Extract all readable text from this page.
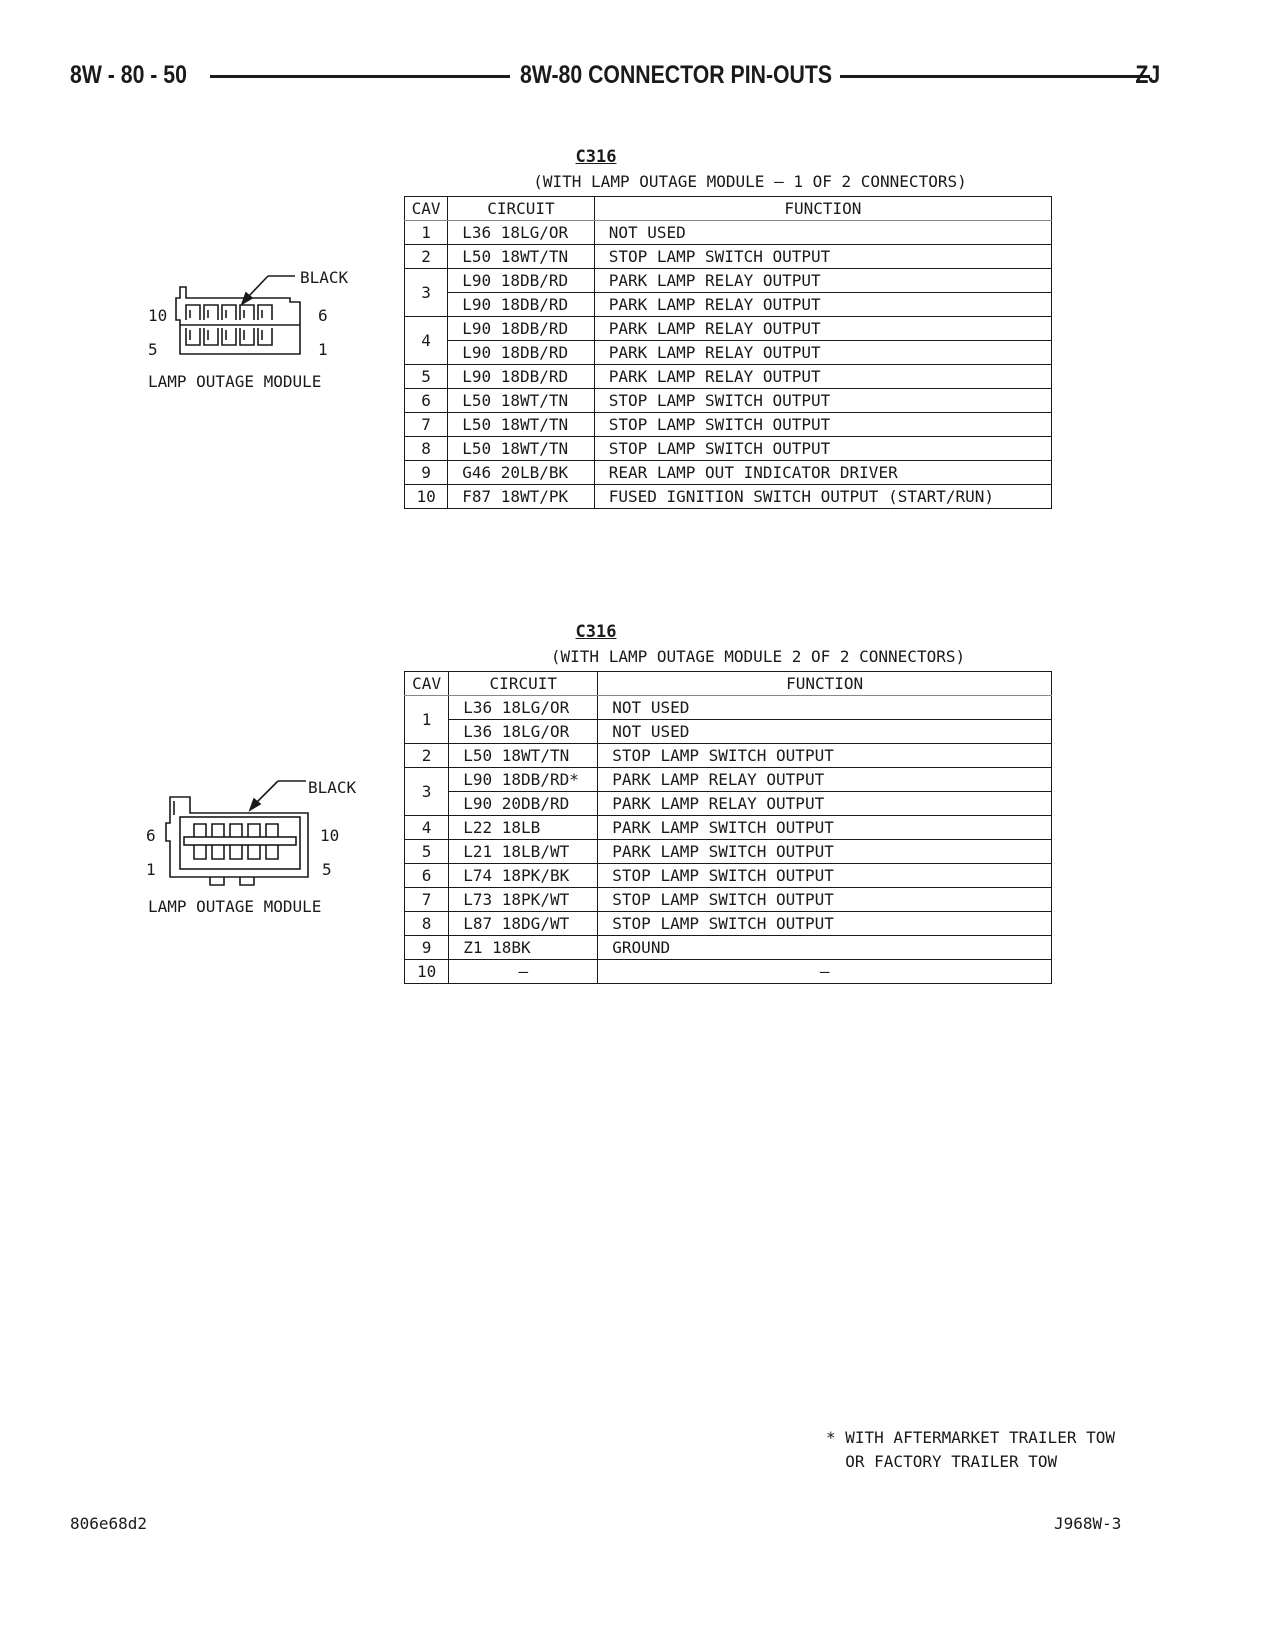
8W - 80 - 50	8W-80 CONNECTOR PIN-OUTS	ZJ
C316
(WITH LAMP OUTAGE MODULE — 1 OF 2 CONNECTORS)
CAV	CIRCUIT	FUNCTION
1	L36 18LG/OR	NOT USED
2	L50 18WT/TN	STOP LAMP SWITCH OUTPUT
3	L90 18DB/RD	PARK LAMP RELAY OUTPUT
	L90 18DB/RD	PARK LAMP RELAY OUTPUT
4	L90 18DB/RD	PARK LAMP RELAY OUTPUT
	L90 18DB/RD	PARK LAMP RELAY OUTPUT
5	L90 18DB/RD	PARK LAMP RELAY OUTPUT
6	L50 18WT/TN	STOP LAMP SWITCH OUTPUT
7	L50 18WT/TN	STOP LAMP SWITCH OUTPUT
8	L50 18WT/TN	STOP LAMP SWITCH OUTPUT
9	G46 20LB/BK	REAR LAMP OUT INDICATOR DRIVER
10	F87 18WT/PK	FUSED IGNITION SWITCH OUTPUT (START/RUN)
BLACK
10	6
5	1
LAMP OUTAGE MODULE
C316
(WITH LAMP OUTAGE MODULE 2 OF 2 CONNECTORS)
CAV	CIRCUIT	FUNCTION
1	L36 18LG/OR	NOT USED
	L36 18LG/OR	NOT USED
2	L50 18WT/TN	STOP LAMP SWITCH OUTPUT
3	L90 18DB/RD*	PARK LAMP RELAY OUTPUT
	L90 20DB/RD	PARK LAMP RELAY OUTPUT
4	L22 18LB	PARK LAMP SWITCH OUTPUT
5	L21 18LB/WT	PARK LAMP SWITCH OUTPUT
6	L74 18PK/BK	STOP LAMP SWITCH OUTPUT
7	L73 18PK/WT	STOP LAMP SWITCH OUTPUT
8	L87 18DG/WT	STOP LAMP SWITCH OUTPUT
9	Z1 18BK	GROUND
10	—	—
BLACK
6	10
1	5
LAMP OUTAGE MODULE
* WITH AFTERMARKET TRAILER TOW
OR FACTORY TRAILER TOW
806e68d2	J968W-3
